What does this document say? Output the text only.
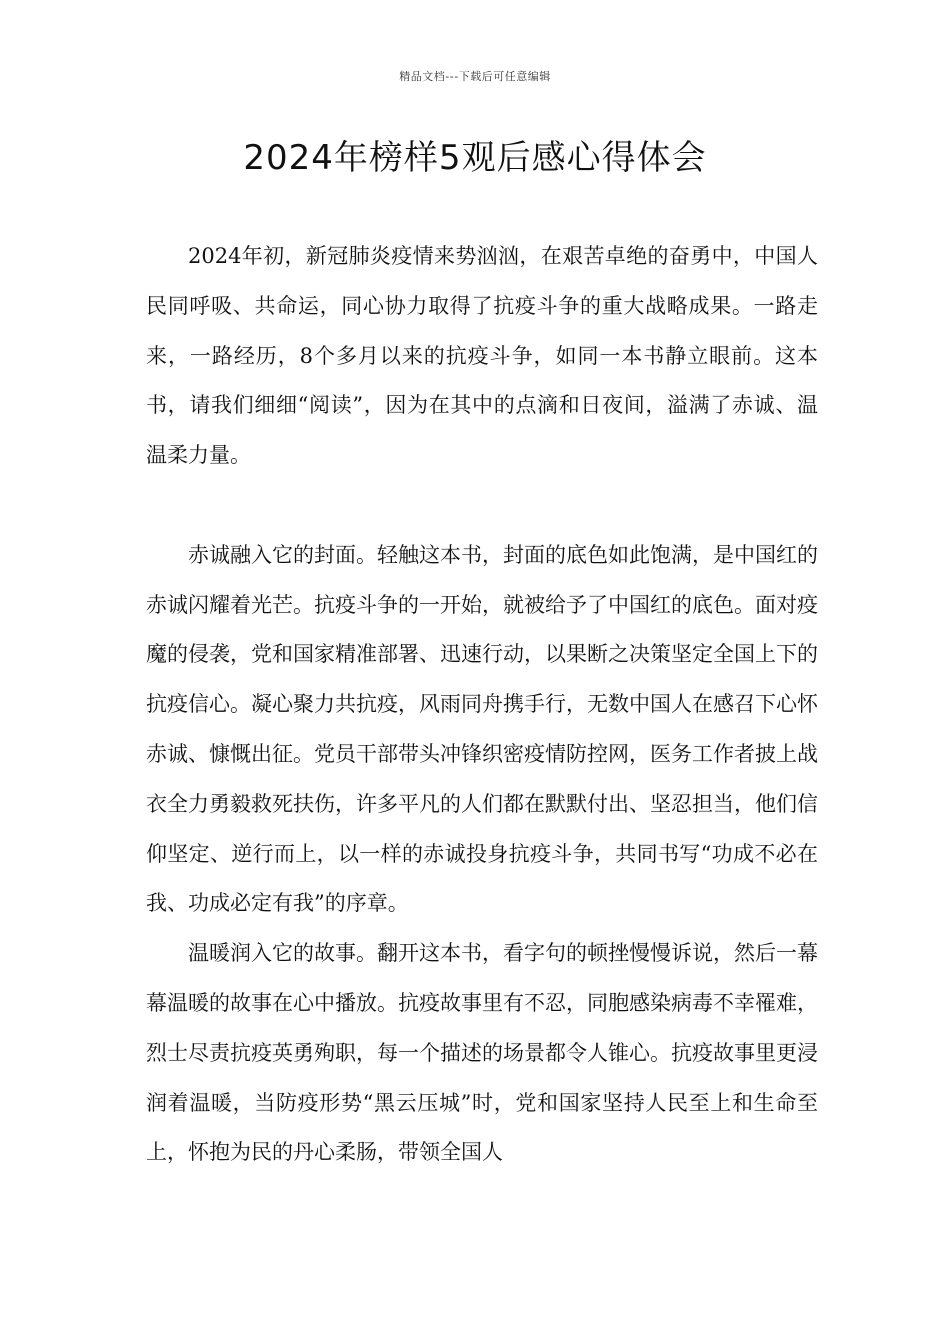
精品文档---下载后可任意编辑
2024年榜样5观后感心得体会

2024年初，新冠肺炎疫情来势汹汹，在艰苦卓绝的奋勇中，中国人民同呼吸、共命运，同心协力取得了抗疫斗争的重大战略成果。一路走来，一路经历，8个多月以来的抗疫斗争，如同一本书静立眼前。这本书，请我们细细“阅读”，因为在其中的点滴和日夜间，溢满了赤诚、温温柔力量。

赤诚融入它的封面。轻触这本书，封面的底色如此饱满，是中国红的赤诚闪耀着光芒。抗疫斗争的一开始，就被给予了中国红的底色。面对疫魔的侵袭，党和国家精准部署、迅速行动，以果断之决策坚定全国上下的抗疫信心。凝心聚力共抗疫，风雨同舟携手行，无数中国人在感召下心怀赤诚、慷慨出征。党员干部带头冲锋织密疫情防控网，医务工作者披上战衣全力勇毅救死扶伤，许多平凡的人们都在默默付出、坚忍担当，他们信仰坚定、逆行而上，以一样的赤诚投身抗疫斗争，共同书写“功成不必在我、功成必定有我”的序章。

温暖润入它的故事。翻开这本书，看字句的顿挫慢慢诉说，然后一幕幕温暖的故事在心中播放。抗疫故事里有不忍，同胞感染病毒不幸罹难，烈士尽责抗疫英勇殉职，每一个描述的场景都令人锥心。抗疫故事里更浸润着温暖，当防疫形势“黑云压城”时，党和国家坚持人民至上和生命至上，怀抱为民的丹心柔肠，带领全国人
